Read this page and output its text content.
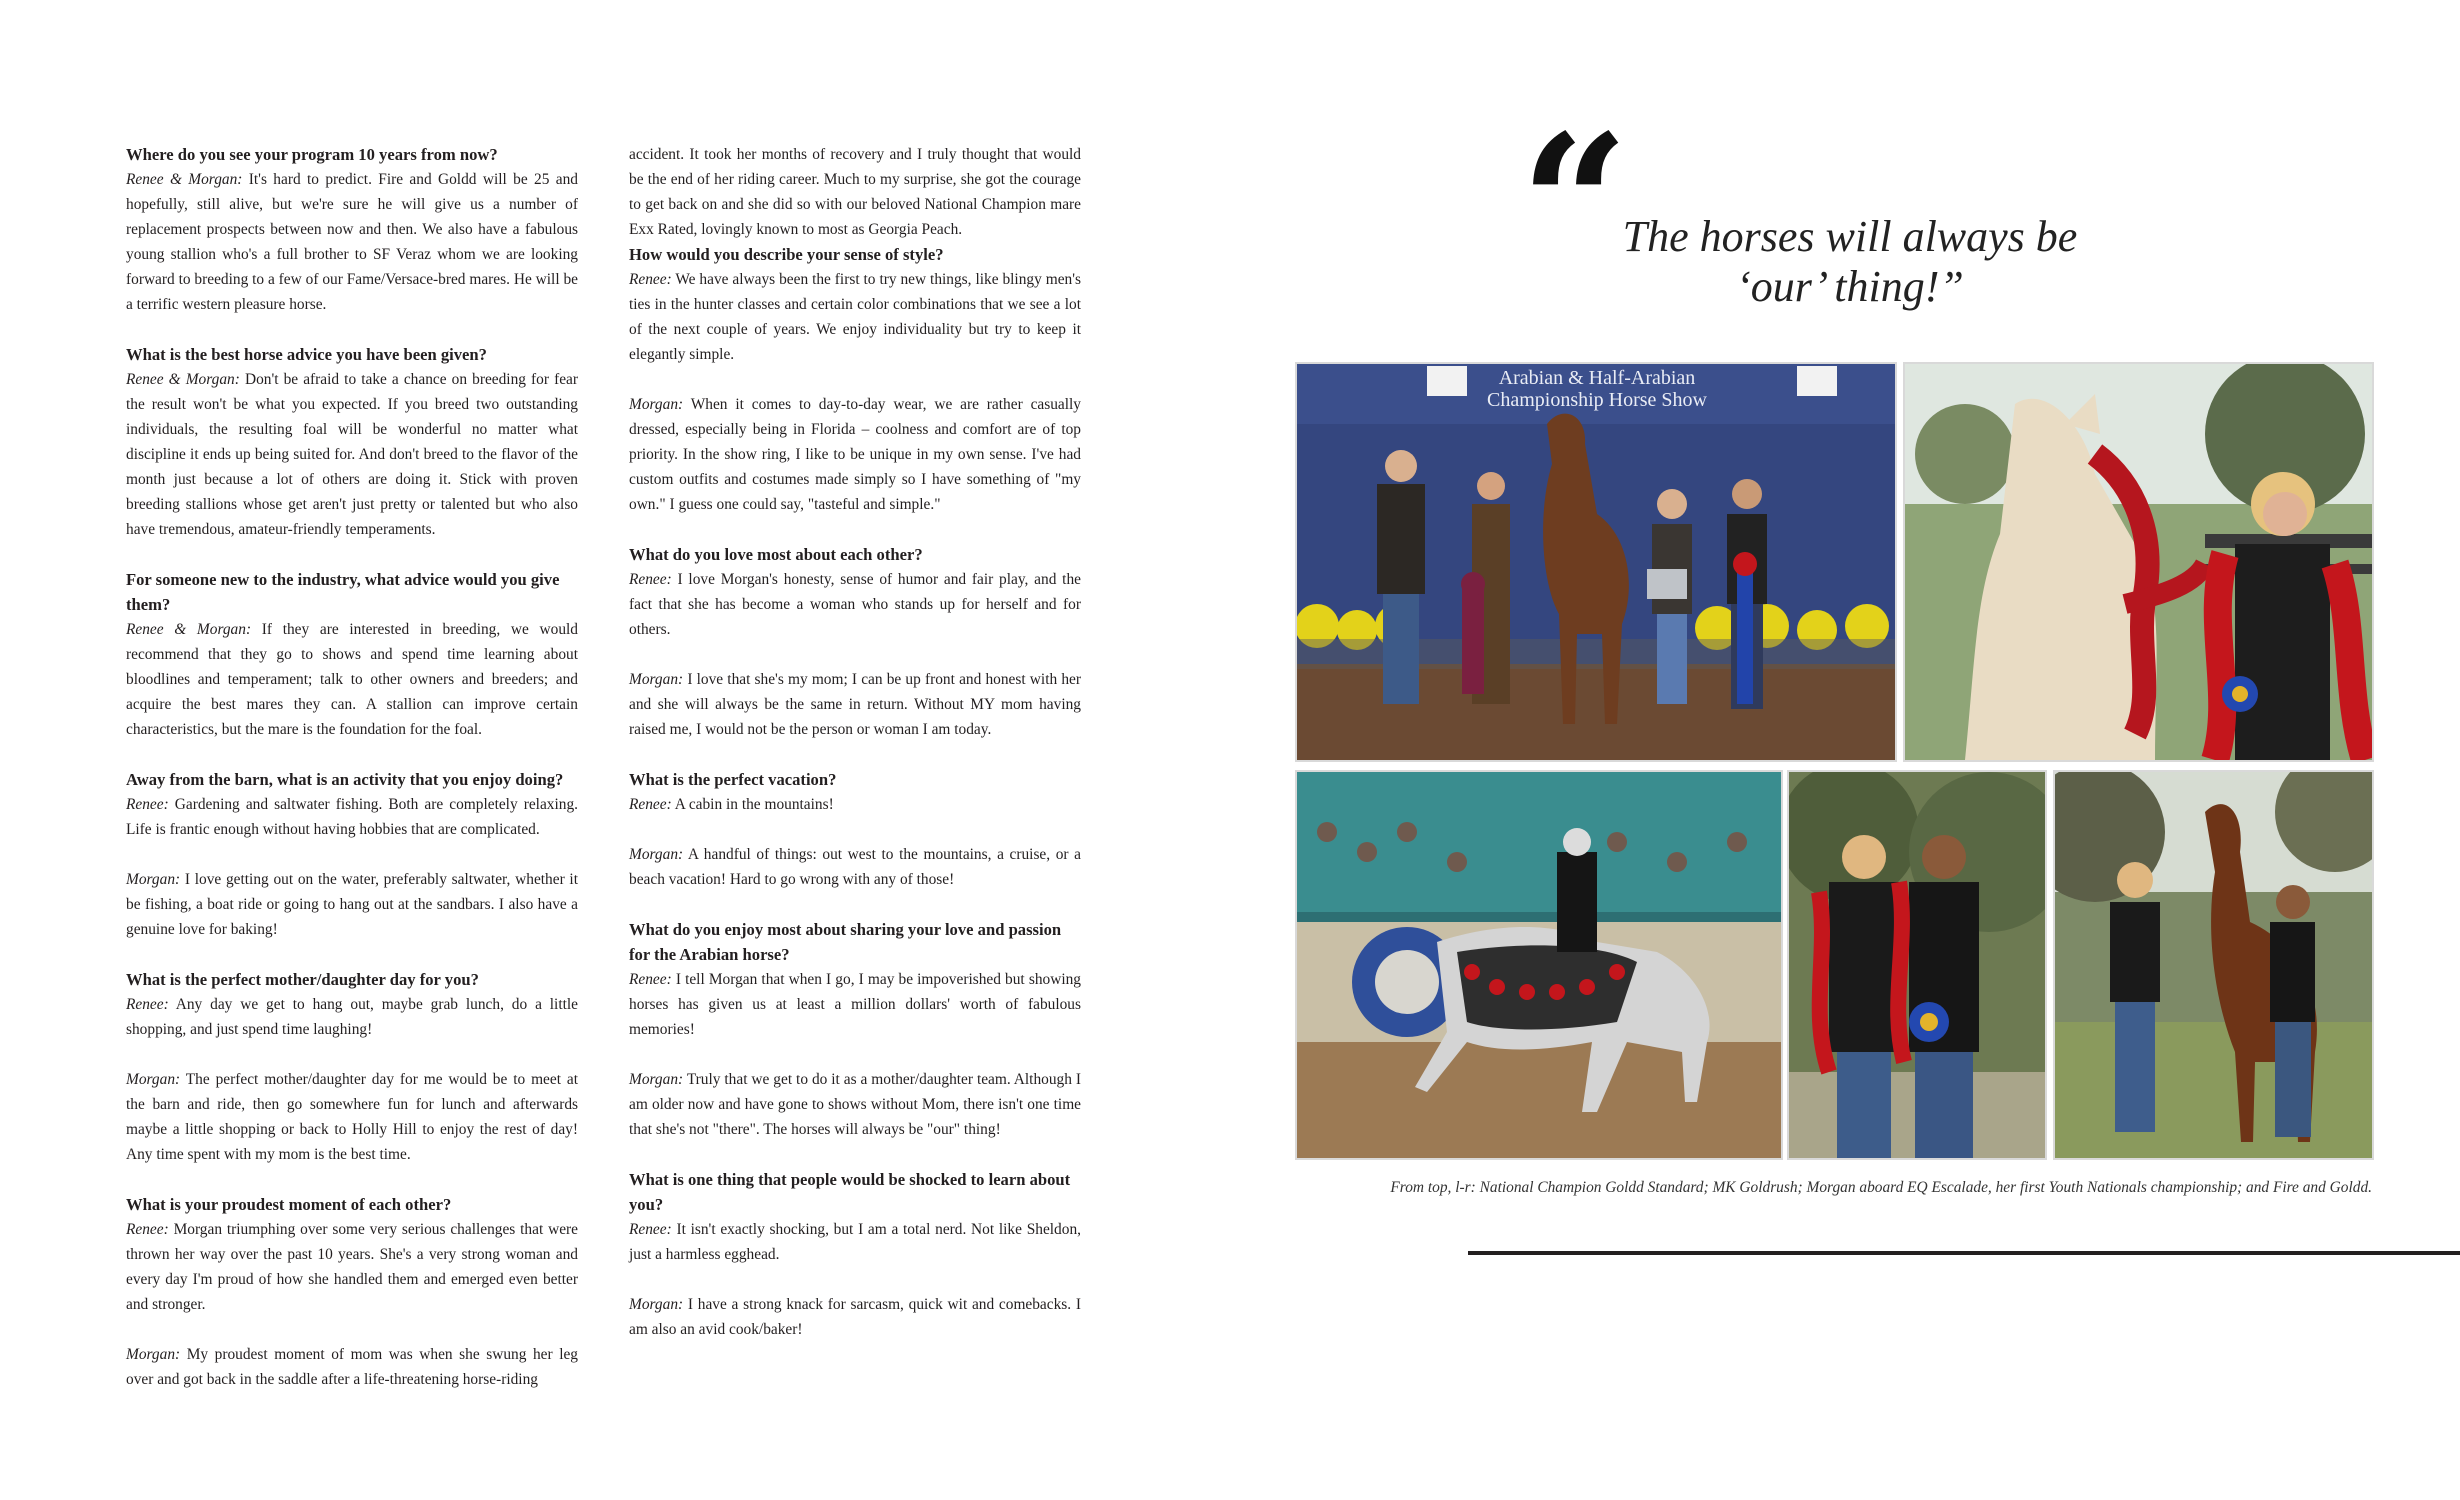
Where do you see your program 10 years from now?

Renee & Morgan: It's hard to predict. Fire and Goldd will be 25 and hopefully, still alive, but we're sure he will give us a number of replacement prospects between now and then. We also have a fabulous young stallion who's a full brother to SF Veraz whom we are looking forward to breeding to a few of our Fame/Versace-bred mares. He will be a terrific western pleasure horse.

What is the best horse advice you have been given?

Renee & Morgan: Don't be afraid to take a chance on breeding for fear the result won't be what you expected. If you breed two outstanding individuals, the resulting foal will be wonderful no matter what discipline it ends up being suited for. And don't breed to the flavor of the month just because a lot of others are doing it. Stick with proven breeding stallions whose get aren't just pretty or talented but who also have tremendous, amateur-friendly temperaments.

For someone new to the industry, what advice would you give them?

Renee & Morgan: If they are interested in breeding, we would recommend that they go to shows and spend time learning about bloodlines and temperament; talk to other owners and breeders; and acquire the best mares they can. A stallion can improve certain characteristics, but the mare is the foundation for the foal.

Away from the barn, what is an activity that you enjoy doing?

Renee: Gardening and saltwater fishing. Both are completely relaxing. Life is frantic enough without having hobbies that are complicated.

Morgan: I love getting out on the water, preferably saltwater, whether it be fishing, a boat ride or going to hang out at the sandbars. I also have a genuine love for baking!

What is the perfect mother/daughter day for you?

Renee: Any day we get to hang out, maybe grab lunch, do a little shopping, and just spend time laughing!

Morgan: The perfect mother/daughter day for me would be to meet at the barn and ride, then go somewhere fun for lunch and afterwards maybe a little shopping or back to Holly Hill to enjoy the rest of day! Any time spent with my mom is the best time.

What is your proudest moment of each other?

Renee: Morgan triumphing over some very serious challenges that were thrown her way over the past 10 years. She's a very strong woman and every day I'm proud of how she handled them and emerged even better and stronger.

Morgan: My proudest moment of mom was when she swung her leg over and got back in the saddle after a life-threatening horse-riding

accident. It took her months of recovery and I truly thought that would be the end of her riding career. Much to my surprise, she got the courage to get back on and she did so with our beloved National Champion mare Exx Rated, lovingly known to most as Georgia Peach.

How would you describe your sense of style?

Renee: We have always been the first to try new things, like blingy men's ties in the hunter classes and certain color combinations that we see a lot of the next couple of years. We enjoy individuality but try to keep it elegantly simple.

Morgan: When it comes to day-to-day wear, we are rather casually dressed, especially being in Florida – coolness and comfort are of top priority. In the show ring, I like to be unique in my own sense. I've had custom outfits and costumes made simply so I have something of "my own." I guess one could say, "tasteful and simple."

What do you love most about each other?

Renee: I love Morgan's honesty, sense of humor and fair play, and the fact that she has become a woman who stands up for herself and for others.

Morgan: I love that she's my mom; I can be up front and honest with her and she will always be the same in return. Without MY mom having raised me, I would not be the person or woman I am today.

What is the perfect vacation?

Renee: A cabin in the mountains!

Morgan: A handful of things: out west to the mountains, a cruise, or a beach vacation! Hard to go wrong with any of those!

What do you enjoy most about sharing your love and passion for the Arabian horse?

Renee: I tell Morgan that when I go, I may be impoverished but showing horses has given us at least a million dollars' worth of fabulous memories!

Morgan: Truly that we get to do it as a mother/daughter team. Although I am older now and have gone to shows without Mom, there isn't one time that she's not "there". The horses will always be "our" thing!

What is one thing that people would be shocked to learn about you?

Renee: It isn't exactly shocking, but I am a total nerd. Not like Sheldon, just a harmless egghead.

Morgan: I have a strong knack for sarcasm, quick wit and comebacks. I am also an avid cook/baker!

“
The horses will always be
‘our’ thing!”
Arabian & Half-Arabian
Championship Horse Show
From top, l-r: National Champion Goldd Standard; MK Goldrush; Morgan aboard EQ Escalade, her first Youth Nationals championship; and Fire and Goldd.
